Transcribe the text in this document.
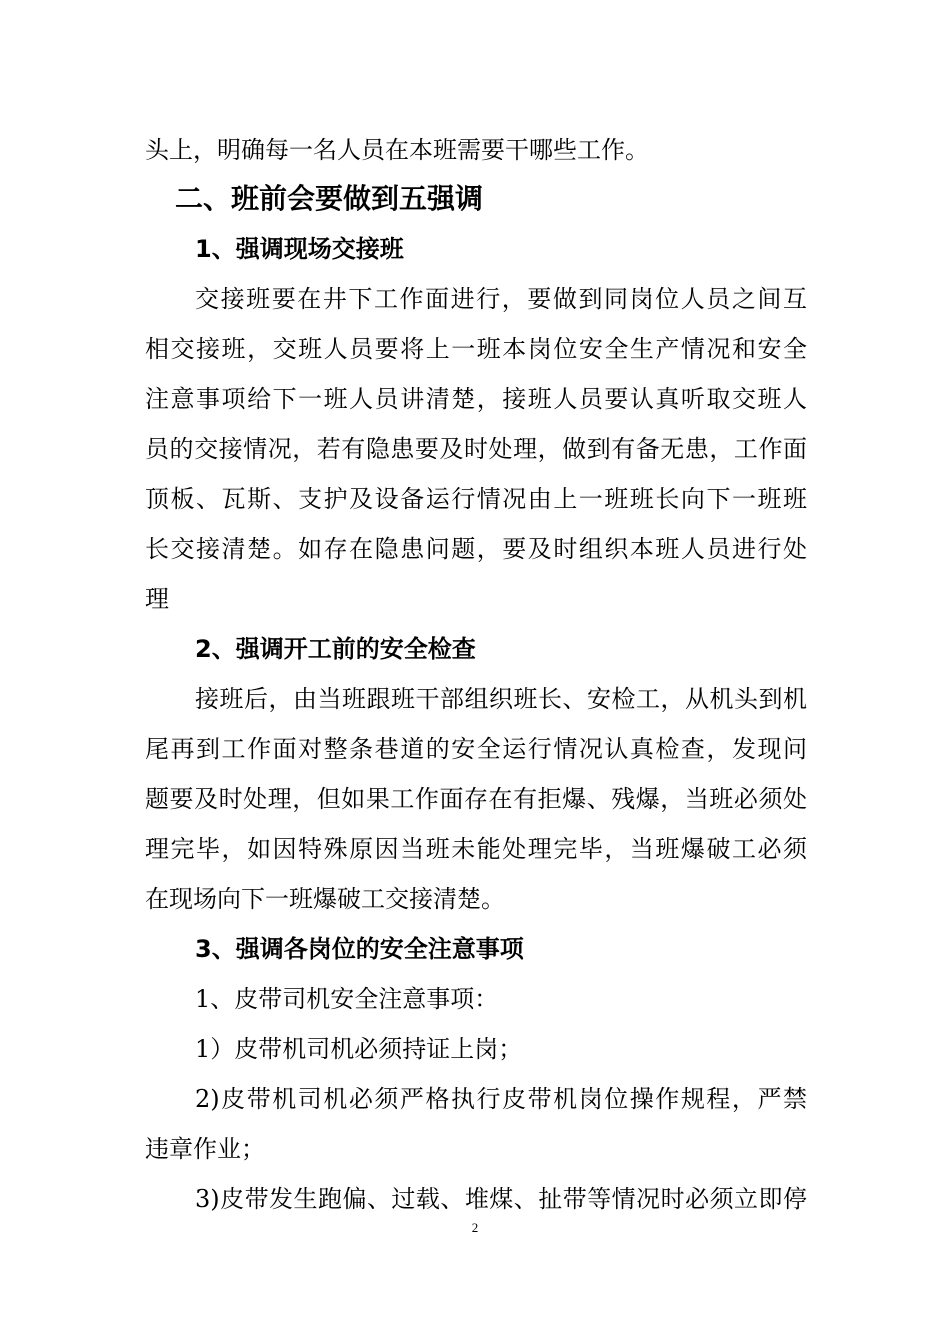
头上，明确每一名人员在本班需要干哪些工作。
二、班前会要做到五强调
1、强调现场交接班
交接班要在井下工作面进行，要做到同岗位人员之间互
相交接班，交班人员要将上一班本岗位安全生产情况和安全
注意事项给下一班人员讲清楚，接班人员要认真听取交班人
员的交接情况，若有隐患要及时处理，做到有备无患，工作面
顶板、瓦斯、支护及设备运行情况由上一班班长向下一班班
长交接清楚。如存在隐患问题，要及时组织本班人员进行处
理
2、强调开工前的安全检查
接班后，由当班跟班干部组织班长、安检工，从机头到机
尾再到工作面对整条巷道的安全运行情况认真检查，发现问
题要及时处理，但如果工作面存在有拒爆、残爆，当班必须处
理完毕，如因特殊原因当班未能处理完毕，当班爆破工必须
在现场向下一班爆破工交接清楚。
3、强调各岗位的安全注意事项
1、皮带司机安全注意事项：
1）皮带机司机必须持证上岗；
2)皮带机司机必须严格执行皮带机岗位操作规程，严禁
违章作业；
3)皮带发生跑偏、过载、堆煤、扯带等情况时必须立即停
2
